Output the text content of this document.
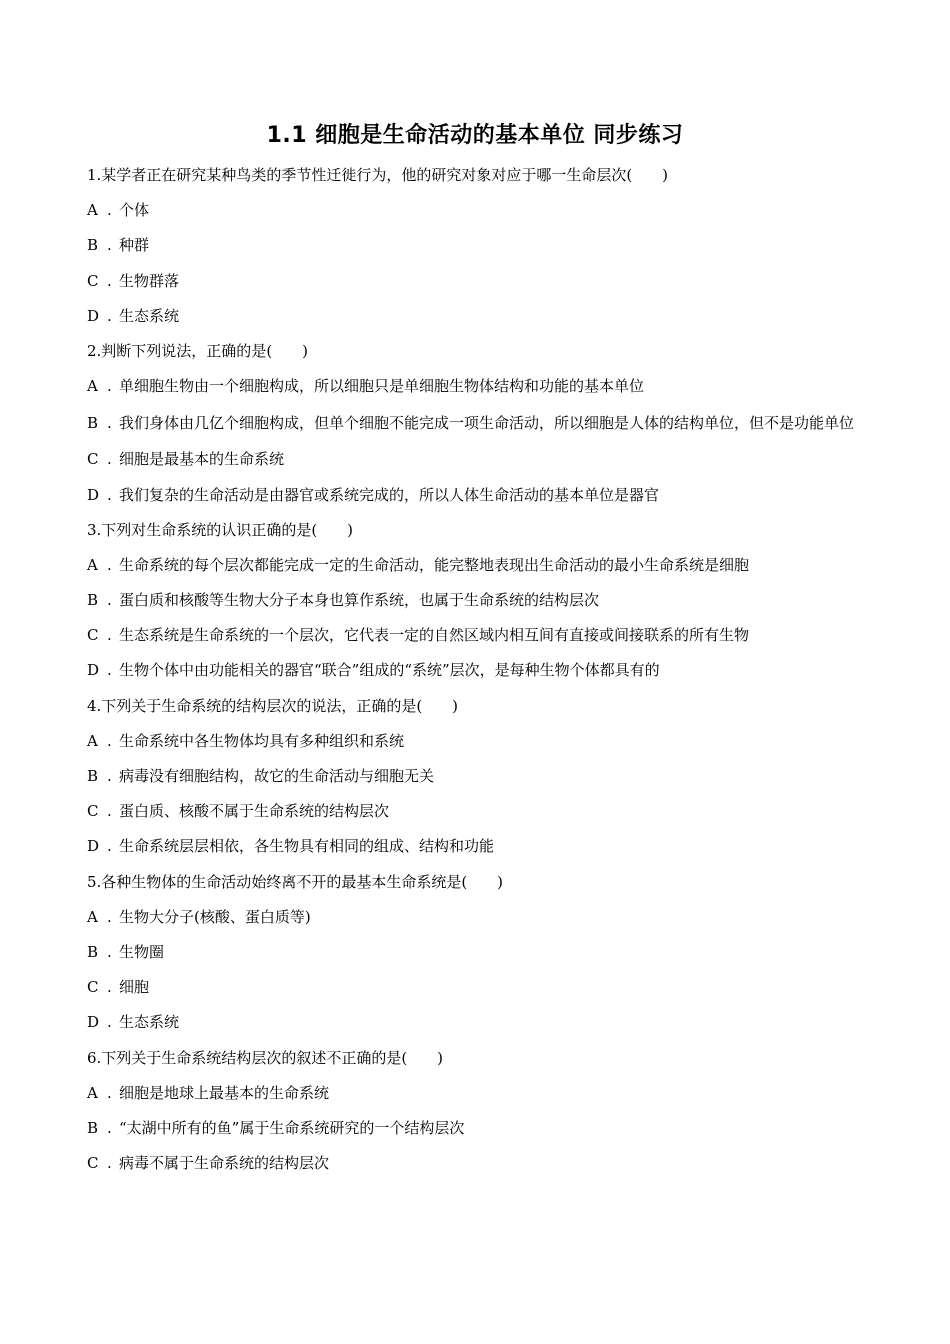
1.1 细胞是生命活动的基本单位 同步练习
1.某学者正在研究某种鸟类的季节性迁徙行为，他的研究对象对应于哪一生命层次(　　)
A . 个体
B . 种群
C . 生物群落
D . 生态系统
2.判断下列说法，正确的是(　　)
A . 单细胞生物由一个细胞构成，所以细胞只是单细胞生物体结构和功能的基本单位
B . 我们身体由几亿个细胞构成，但单个细胞不能完成一项生命活动，所以细胞是人体的结构单位，但不是功能单位
C . 细胞是最基本的生命系统
D . 我们复杂的生命活动是由器官或系统完成的，所以人体生命活动的基本单位是器官
3.下列对生命系统的认识正确的是(　　)
A . 生命系统的每个层次都能完成一定的生命活动，能完整地表现出生命活动的最小生命系统是细胞
B . 蛋白质和核酸等生物大分子本身也算作系统，也属于生命系统的结构层次
C . 生态系统是生命系统的一个层次，它代表一定的自然区域内相互间有直接或间接联系的所有生物
D . 生物个体中由功能相关的器官“联合”组成的“系统”层次，是每种生物个体都具有的
4.下列关于生命系统的结构层次的说法，正确的是(　　)
A . 生命系统中各生物体均具有多种组织和系统
B . 病毒没有细胞结构，故它的生命活动与细胞无关
C . 蛋白质、核酸不属于生命系统的结构层次
D . 生命系统层层相依，各生物具有相同的组成、结构和功能
5.各种生物体的生命活动始终离不开的最基本生命系统是(　　)
A . 生物大分子(核酸、蛋白质等)
B . 生物圈
C . 细胞
D . 生态系统
6.下列关于生命系统结构层次的叙述不正确的是(　　)
A . 细胞是地球上最基本的生命系统
B . “太湖中所有的鱼”属于生命系统研究的一个结构层次
C . 病毒不属于生命系统的结构层次
